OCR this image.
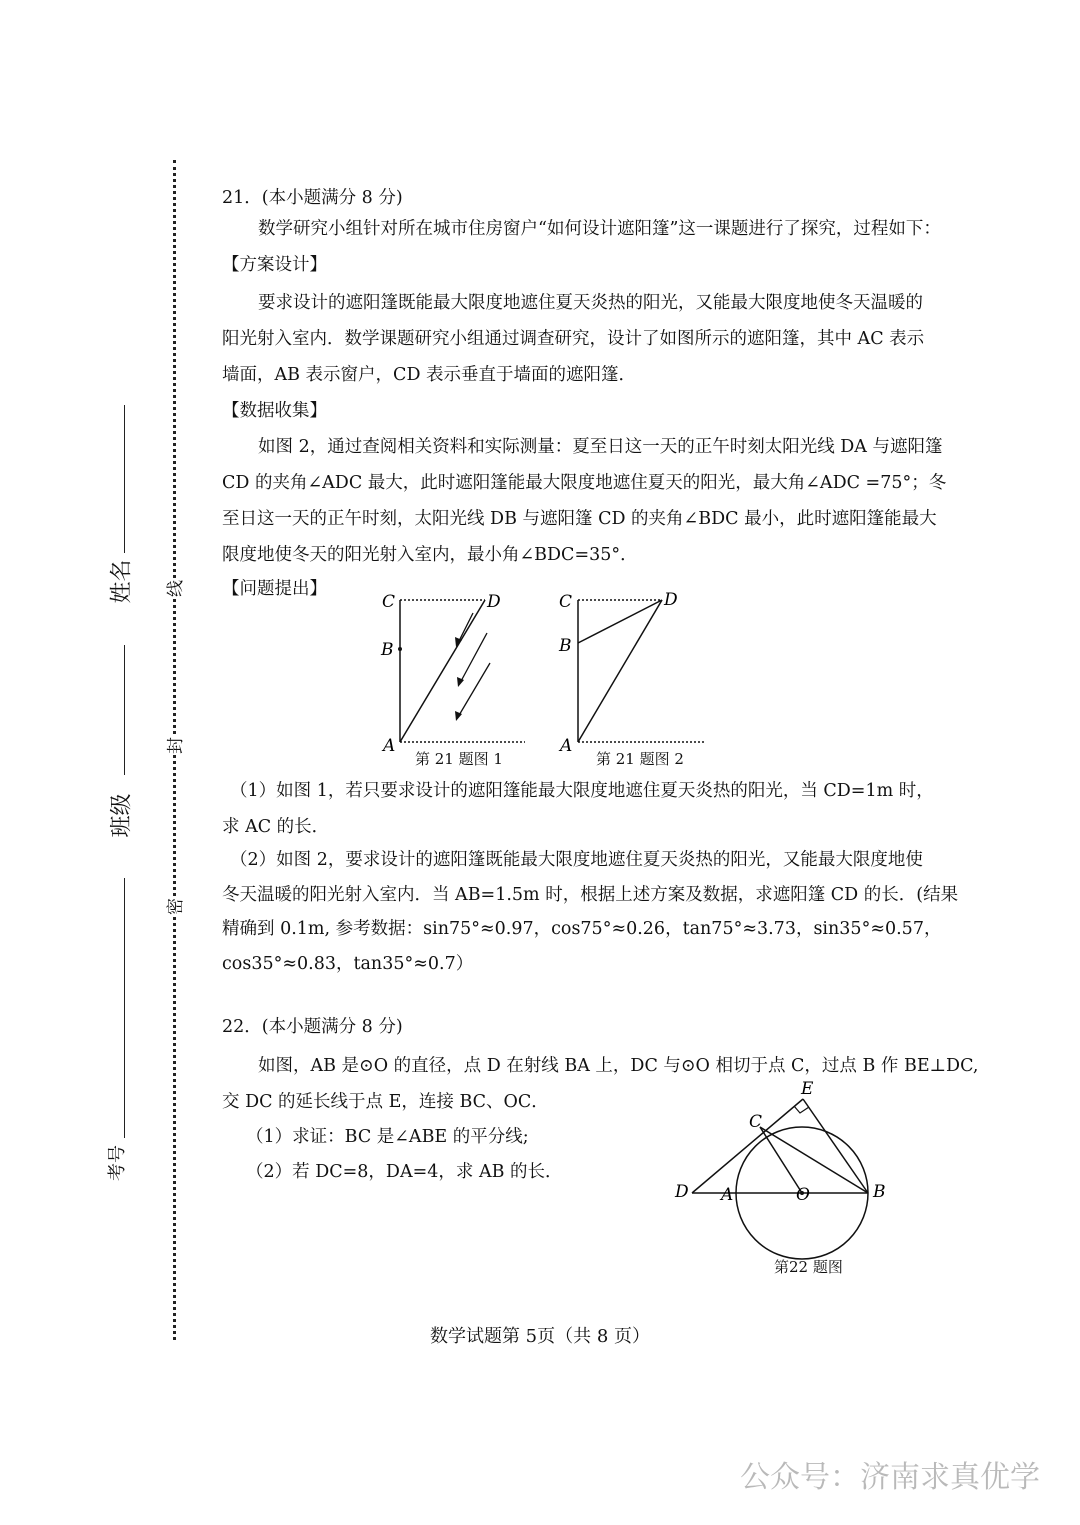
线
封
密
姓名
班级
考号
21．(本小题满分 8 分)
数学研究小组针对所在城市住房窗户“如何设计遮阳篷”这一课题进行了探究，过程如下：
【方案设计】
要求设计的遮阳篷既能最大限度地遮住夏天炎热的阳光，又能最大限度地使冬天温暖的
阳光射入室内．数学课题研究小组通过调查研究，设计了如图所示的遮阳篷，其中 AC 表示
墙面，AB 表示窗户，CD 表示垂直于墙面的遮阳篷．
【数据收集】
如图 2，通过查阅相关资料和实际测量：夏至日这一天的正午时刻太阳光线 DA 与遮阳篷
CD 的夹角∠ADC 最大，此时遮阳篷能最大限度地遮住夏天的阳光，最大角∠ADC =75°；冬
至日这一天的正午时刻，太阳光线 DB 与遮阳篷 CD 的夹角∠BDC 最小，此时遮阳篷能最大
限度地使冬天的阳光射入室内，最小角∠BDC=35°．
【问题提出】
C	D
B
A
第 21 题图 1
C	D
B
A
第 21 题图 2
（1）如图 1，若只要求设计的遮阳篷能最大限度地遮住夏天炎热的阳光，当 CD=1m 时，
求 AC 的长．
（2）如图 2，要求设计的遮阳篷既能最大限度地遮住夏天炎热的阳光，又能最大限度地使
冬天温暖的阳光射入室内．当 AB=1.5m 时，根据上述方案及数据，求遮阳篷 CD 的长．(结果
精确到 0.1m, 参考数据：sin75°≈0.97，cos75°≈0.26，tan75°≈3.73，sin35°≈0.57，
cos35°≈0.83，tan35°≈0.7）
22．(本小题满分 8 分)
如图，AB 是⊙O 的直径，点 D 在射线 BA 上，DC 与⊙O 相切于点 C，过点 B 作 BE⊥DC,
交 DC 的延长线于点 E，连接 BC、OC．
（1）求证：BC 是∠ABE 的平分线;
（2）若 DC=8，DA=4，求 AB 的长．
E
C
D A	O	B
第22 题图
数学试题第 5页（共 8 页）
公众号：济南求真优学
